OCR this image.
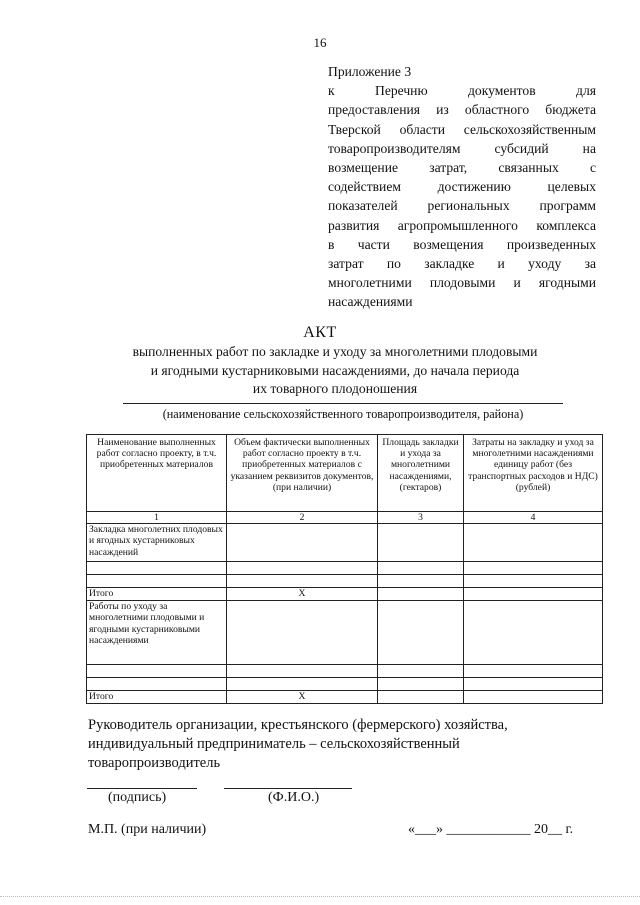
16
Приложение 3
к Перечню документов для
предоставления из областного бюджета
Тверской области сельскохозяйственным
товаропроизводителям субсидий на
возмещение затрат, связанных с
содействием достижению целевых
показателей региональных программ
развития агропромышленного комплекса
в части возмещения произведенных
затрат по закладке и уходу за
многолетними плодовыми и ягодными
насаждениями
АКТ
выполненных работ по закладке и уходу за многолетними плодовыми
и ягодными кустарниковыми насаждениями, до начала периода
их товарного плодоношения
(наименование сельскохозяйственного товаропроизводителя, района)
Наименование выполненных работ согласно проекту, в т.ч. приобретенных материалов	Объем фактически выполненных работ согласно проекту в т.ч. приобретенных материалов с указанием реквизитов документов, (при наличии)	Площадь закладки и ухода за многолетними насаждениями, (гектаров)	Затраты на закладку и уход за многолетними насаждениями единицу работ (без транспортных расходов и НДС) (рублей)
1	2	3	4
Закладка многолетних плодовых и ягодных кустарниковых насаждений			

Итого	X		
Работы по уходу за многолетними плодовыми и ягодными кустарниковыми насаждениями			

Итого	X		
Руководитель организации, крестьянского (фермерского) хозяйства,
индивидуальный предприниматель – сельскохозяйственный
товаропроизводитель
(подпись)	(Ф.И.О.)
М.П. (при наличии)	«___» ____________ 20__ г.
